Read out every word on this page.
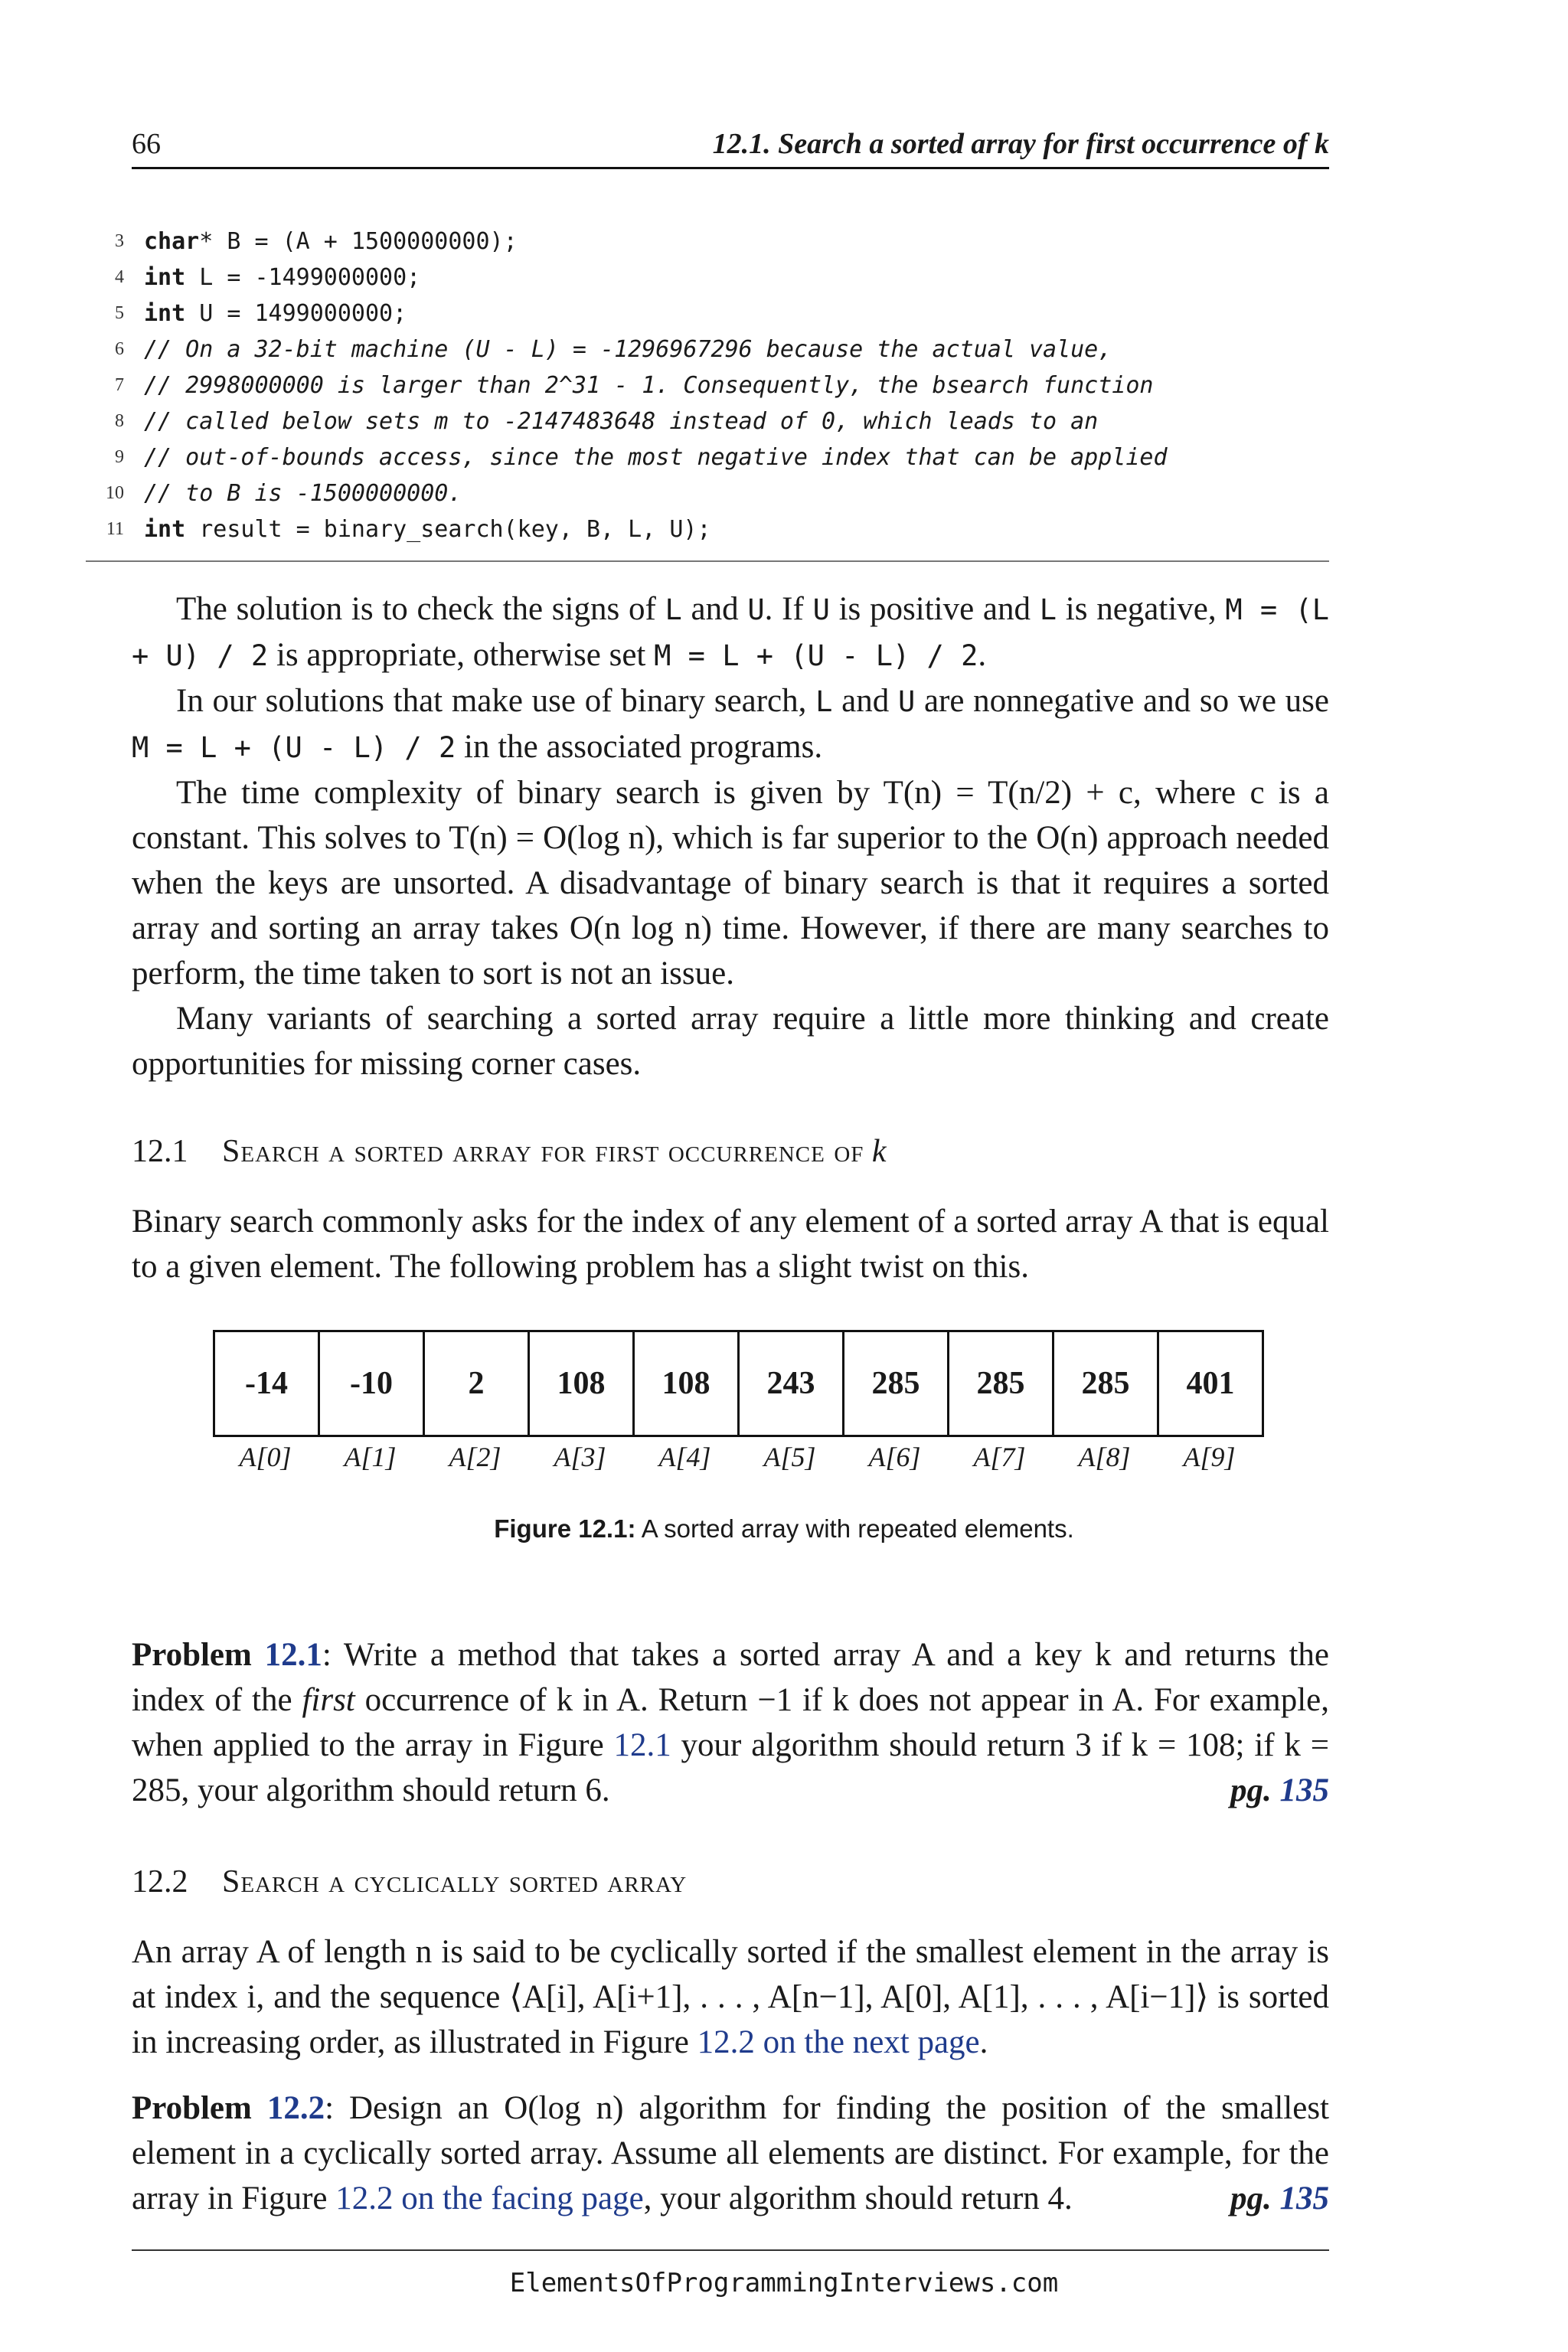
66	12.1. Search a sorted array for first occurrence of k
3 char* B = (A + 1500000000);
4 int L = -1499000000;
5 int U = 1499000000;
6 // On a 32-bit machine (U - L) = -1296967296 because the actual value,
7 // 2998000000 is larger than 2^31 - 1. Consequently, the bsearch function
8 // called below sets m to -2147483648 instead of 0, which leads to an
9 // out-of-bounds access, since the most negative index that can be applied
10 // to B is -1500000000.
11 int result = binary_search(key, B, L, U);

The solution is to check the signs of L and U. If U is positive and L is negative, M = (L + U) / 2 is appropriate, otherwise set M = L + (U - L) / 2.

In our solutions that make use of binary search, L and U are nonnegative and so we use M = L + (U - L) / 2 in the associated programs.

The time complexity of binary search is given by T(n) = T(n/2) + c, where c is a constant. This solves to T(n) = O(log n), which is far superior to the O(n) approach needed when the keys are unsorted. A disadvantage of binary search is that it requires a sorted array and sorting an array takes O(n log n) time. However, if there are many searches to perform, the time taken to sort is not an issue.

Many variants of searching a sorted array require a little more thinking and create opportunities for missing corner cases.

12.1 Search a sorted array for first occurrence of k

Binary search commonly asks for the index of any element of a sorted array A that is equal to a given element. The following problem has a slight twist on this.

-14	-10	2	108	108	243	285	285	285	401
A[0]	A[1]	A[2]	A[3]	A[4]	A[5]	A[6]	A[7]	A[8]	A[9]
Figure 12.1: A sorted array with repeated elements.

Problem 12.1: Write a method that takes a sorted array A and a key k and returns the index of the first occurrence of k in A. Return −1 if k does not appear in A. For example, when applied to the array in Figure 12.1 your algorithm should return 3 if k = 108; if k = 285, your algorithm should return 6.	pg. 135

12.2 Search a cyclically sorted array

An array A of length n is said to be cyclically sorted if the smallest element in the array is at index i, and the sequence ⟨A[i], A[i+1], . . . , A[n−1], A[0], A[1], . . . , A[i−1]⟩ is sorted in increasing order, as illustrated in Figure 12.2 on the next page.

Problem 12.2: Design an O(log n) algorithm for finding the position of the smallest element in a cyclically sorted array. Assume all elements are distinct. For example, for the array in Figure 12.2 on the facing page, your algorithm should return 4.	pg. 135

ElementsOfProgrammingInterviews.com
